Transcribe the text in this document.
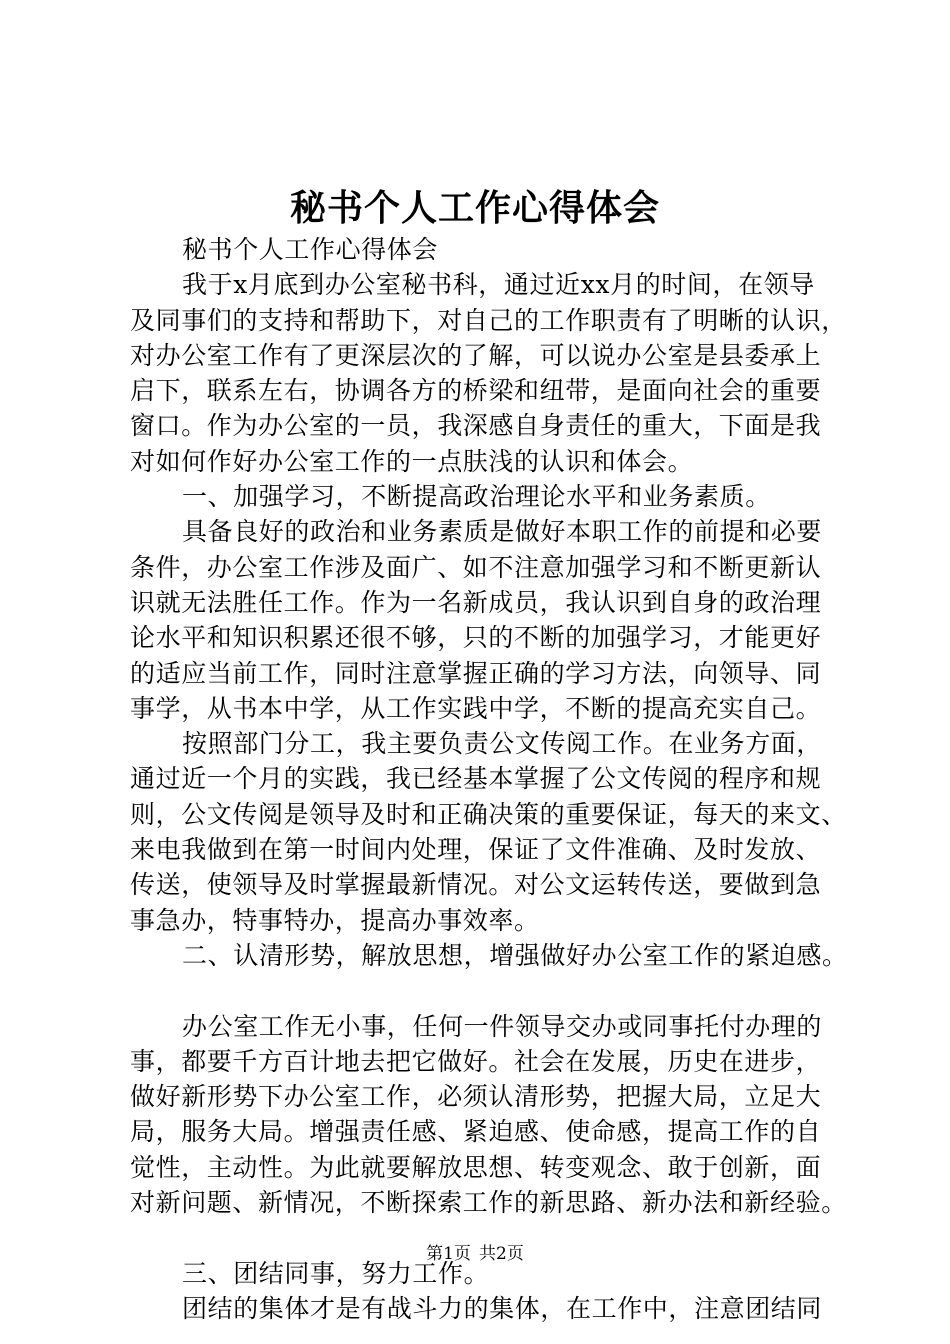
秘书个人工作心得体会
秘书个人工作心得体会
我于x月底到办公室秘书科，通过近xx月的时间，在领导
及同事们的支持和帮助下，对自己的工作职责有了明晰的认识，
对办公室工作有了更深层次的了解，可以说办公室是县委承上
启下，联系左右，协调各方的桥梁和纽带，是面向社会的重要
窗口。作为办公室的一员，我深感自身责任的重大，下面是我
对如何作好办公室工作的一点肤浅的认识和体会。
一、加强学习，不断提高政治理论水平和业务素质。
具备良好的政治和业务素质是做好本职工作的前提和必要
条件，办公室工作涉及面广、如不注意加强学习和不断更新认
识就无法胜任工作。作为一名新成员，我认识到自身的政治理
论水平和知识积累还很不够，只的不断的加强学习，才能更好
的适应当前工作，同时注意掌握正确的学习方法，向领导、同
事学，从书本中学，从工作实践中学，不断的提高充实自己。
按照部门分工，我主要负责公文传阅工作。在业务方面，
通过近一个月的实践，我已经基本掌握了公文传阅的程序和规
则，公文传阅是领导及时和正确决策的重要保证，每天的来文、
来电我做到在第一时间内处理，保证了文件准确、及时发放、
传送，使领导及时掌握最新情况。对公文运转传送，要做到急
事急办，特事特办，提高办事效率。
二、认清形势，解放思想，增强做好办公室工作的紧迫感。
办公室工作无小事，任何一件领导交办或同事托付办理的
事，都要千方百计地去把它做好。社会在发展，历史在进步，
做好新形势下办公室工作，必须认清形势，把握大局，立足大
局，服务大局。增强责任感、紧迫感、使命感，提高工作的自
觉性，主动性。为此就要解放思想、转变观念、敢于创新，面
对新问题、新情况，不断探索工作的新思路、新办法和新经验。
三、团结同事，努力工作。
团结的集体才是有战斗力的集体，在工作中，注意团结同
第1页 共2页
